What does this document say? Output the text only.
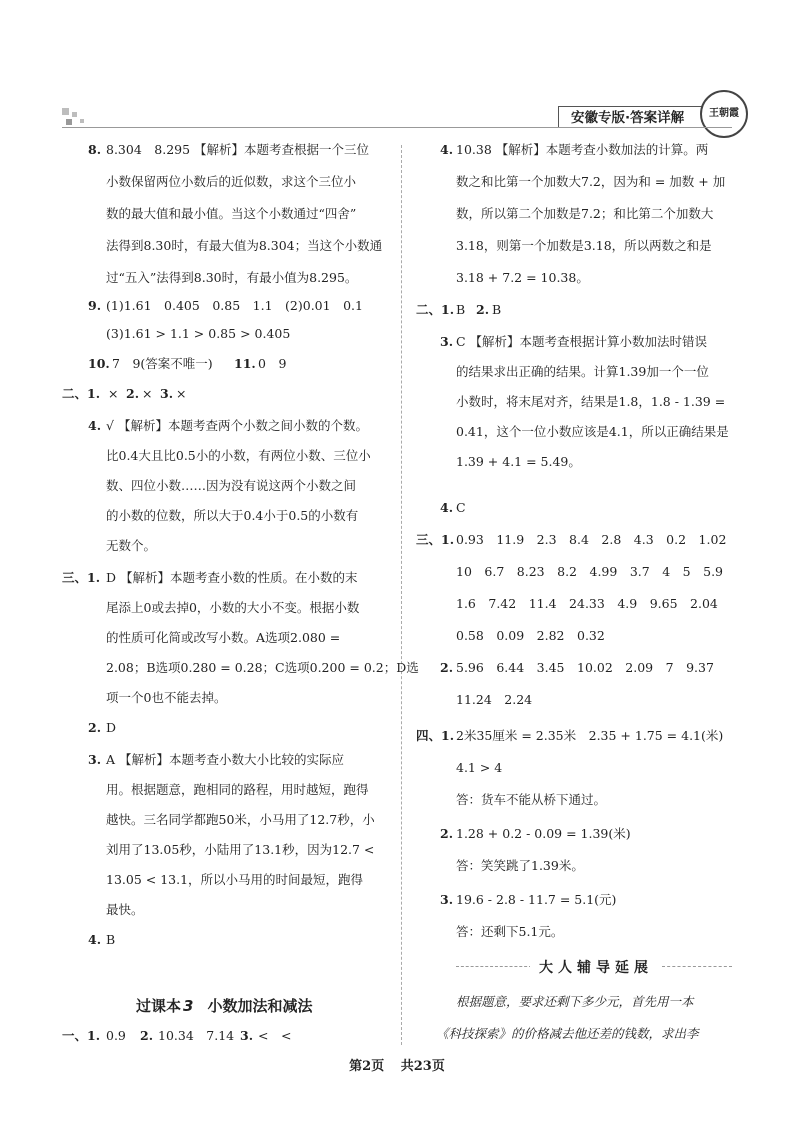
安徽专版·答案详解	王朝霞
8. 8.304　8.295 【解析】本题考查根据一个三位
小数保留两位小数后的近似数，求这个三位小
数的最大值和最小值。当这个小数通过“四舍”
法得到8.30时，有最大值为8.304；当这个小数通
过“五入”法得到8.30时，有最小值为8.295。
9. (1)1.61　0.405　0.85　1.1　(2)0.01　0.1
(3)1.61 > 1.1 > 0.85 > 0.405
10. 7　9(答案不唯一) 11. 0　9
二、1. × 2. × 3. ×
4. √ 【解析】本题考查两个小数之间小数的个数。
比0.4大且比0.5小的小数，有两位小数、三位小
数、四位小数……因为没有说这两个小数之间
的小数的位数，所以大于0.4小于0.5的小数有
无数个。
三、1. D 【解析】本题考查小数的性质。在小数的末
尾添上0或去掉0，小数的大小不变。根据小数
的性质可化简或改写小数。A选项2.080 =
2.08；B选项0.280 = 0.28；C选项0.200 = 0.2；D选
项一个0也不能去掉。
2. D
3. A 【解析】本题考查小数大小比较的实际应
用。根据题意，跑相同的路程，用时越短，跑得
越快。三名同学都跑50米，小马用了12.7秒，小
刘用了13.05秒，小陆用了13.1秒，因为12.7 <
13.05 < 13.1，所以小马用的时间最短，跑得
最快。
4. B
过课本 3 小数加法和减法
一、1. 0.9 2. 10.34　7.14 3. <　<
4. 10.38 【解析】本题考查小数加法的计算。两
数之和比第一个加数大7.2，因为和 = 加数 + 加
数，所以第二个加数是7.2；和比第二个加数大
3.18，则第一个加数是3.18，所以两数之和是
3.18 + 7.2 = 10.38。
二、1. B 2. B
3. C 【解析】本题考查根据计算小数加法时错误
的结果求出正确的结果。计算1.39加一个一位
小数时，将末尾对齐，结果是1.8，1.8 - 1.39 =
0.41，这个一位小数应该是4.1，所以正确结果是
1.39 + 4.1 = 5.49。
4. C
三、1. 0.93　11.9　2.3　8.4　2.8　4.3　0.2　1.02
10　6.7　8.23　8.2　4.99　3.7　4　5　5.9
1.6　7.42　11.4　24.33　4.9　9.65　2.04
0.58　0.09　2.82　0.32
2. 5.96　6.44　3.45　10.02　2.09　7　9.37
11.24　2.24
四、1. 2米35厘米 = 2.35米　2.35 + 1.75 = 4.1(米)
4.1 > 4
答：货车不能从桥下通过。
2. 1.28 + 0.2 - 0.09 = 1.39(米)
答：笑笑跳了1.39米。
3. 19.6 - 2.8 - 11.7 = 5.1(元)
答：还剩下5.1元。
大人辅导延展
根据题意，要求还剩下多少元，首先用一本
《科技探索》的价格减去他还差的钱数，求出李
第2页 共23页
